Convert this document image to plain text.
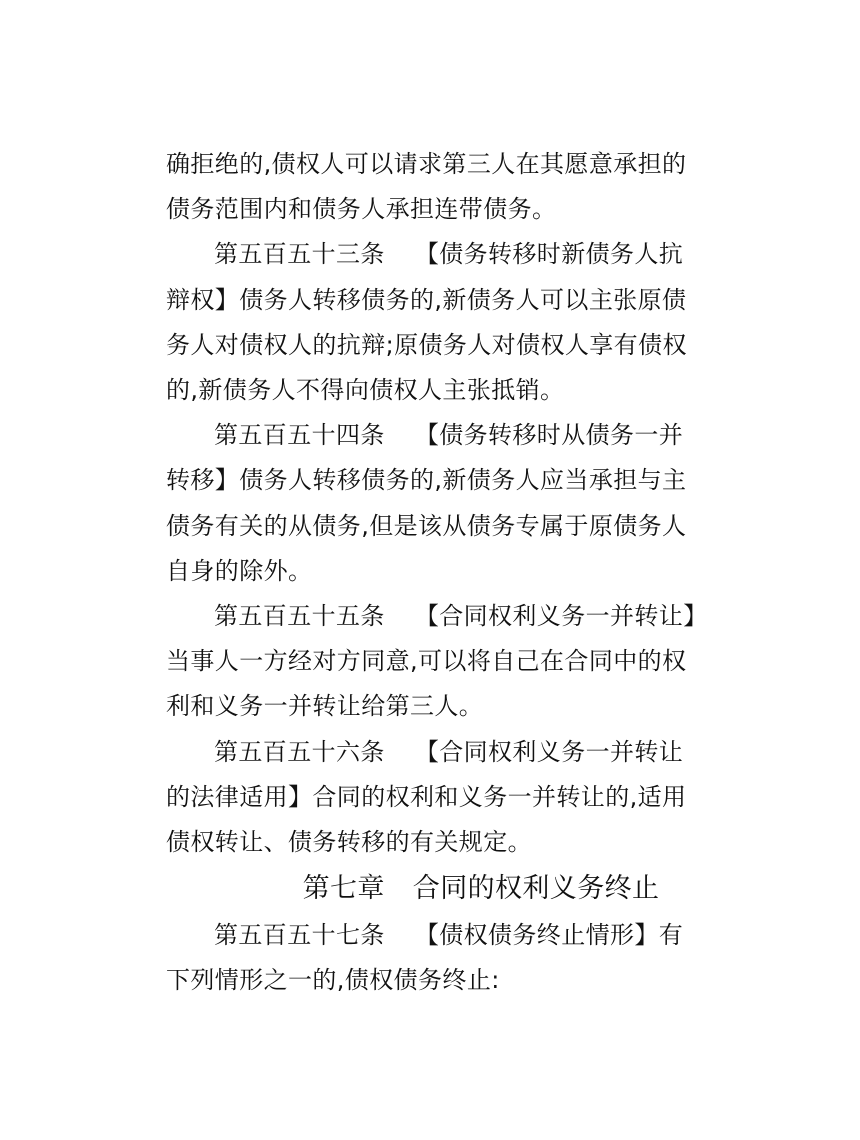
确拒绝的,债权人可以请求第三人在其愿意承担的债务范围内和债务人承担连带债务。

第五百五十三条 【债务转移时新债务人抗辩权】债务人转移债务的,新债务人可以主张原债务人对债权人的抗辩;原债务人对债权人享有债权的,新债务人不得向债权人主张抵销。

第五百五十四条 【债务转移时从债务一并转移】债务人转移债务的,新债务人应当承担与主债务有关的从债务,但是该从债务专属于原债务人自身的除外。

第五百五十五条 【合同权利义务一并转让】当事人一方经对方同意,可以将自己在合同中的权利和义务一并转让给第三人。

第五百五十六条 【合同权利义务一并转让的法律适用】合同的权利和义务一并转让的,适用债权转让、债务转移的有关规定。

第七章 合同的权利义务终止

第五百五十七条 【债权债务终止情形】有下列情形之一的,债权债务终止:
